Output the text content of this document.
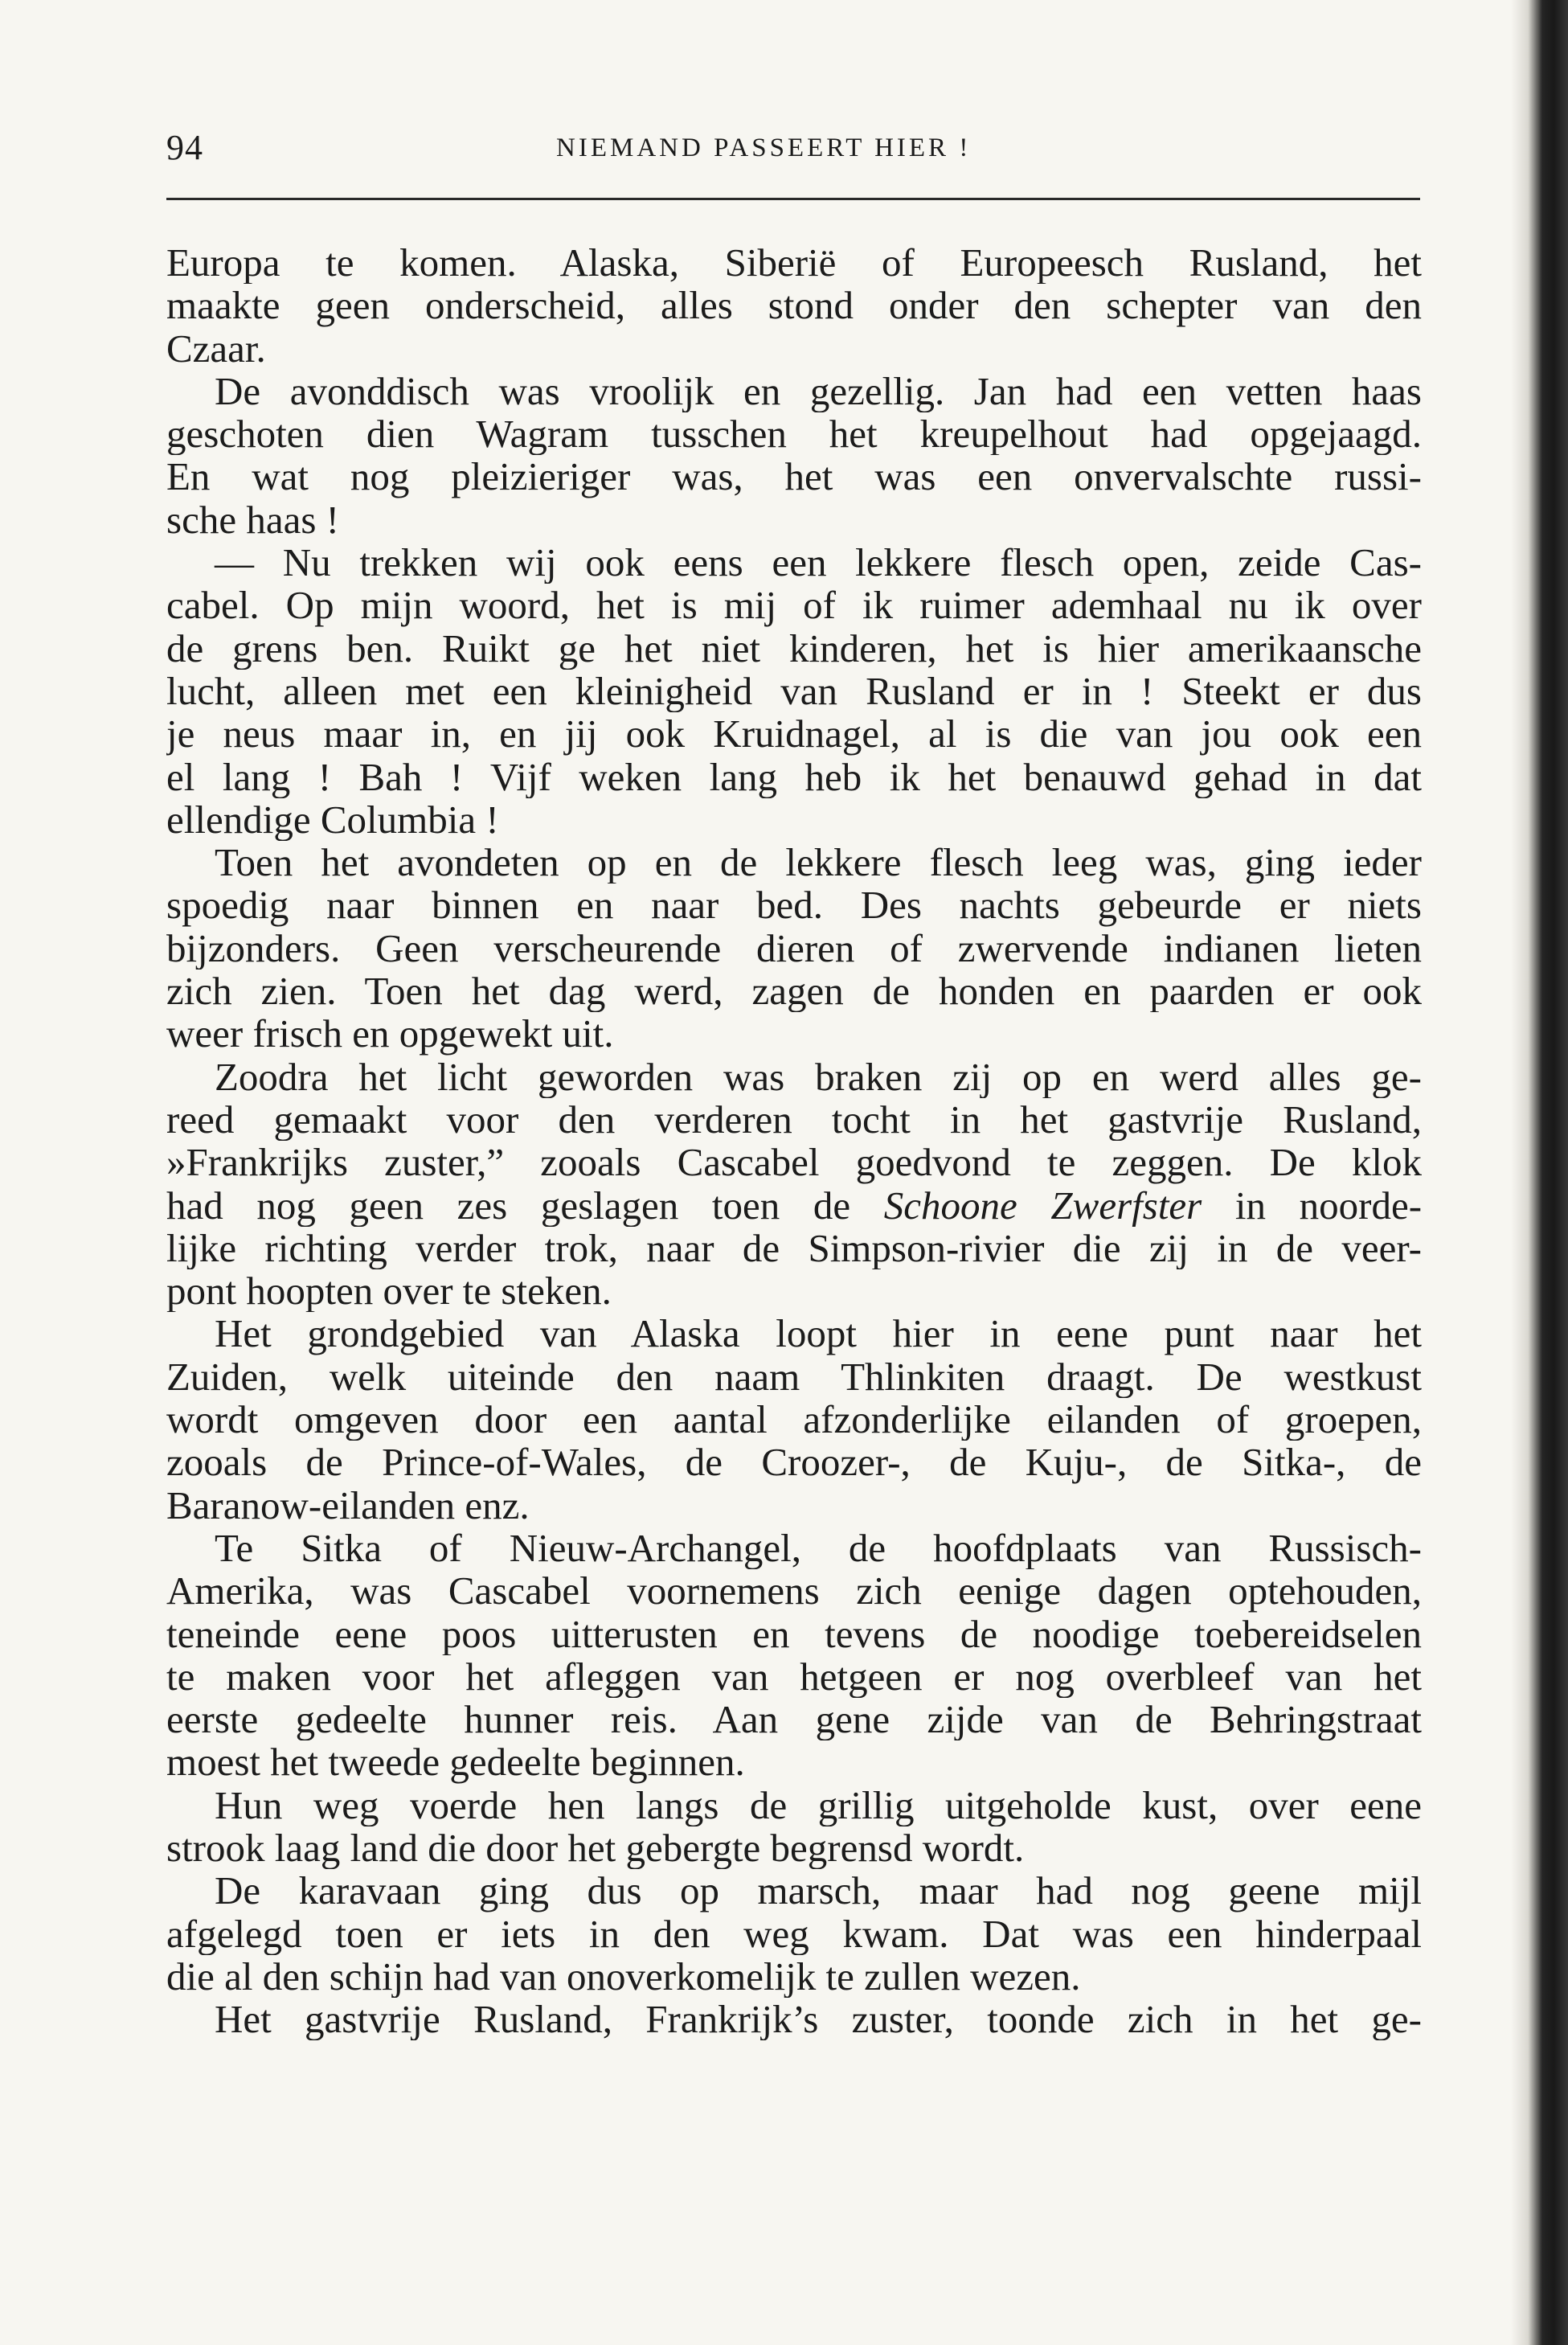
94	NIEMAND PASSEERT HIER !
Europa te komen. Alaska, Siberië of Europeesch Rusland, het
maakte geen onderscheid, alles stond onder den schepter van den
Czaar.
De avonddisch was vroolijk en gezellig. Jan had een vetten haas
geschoten dien Wagram tusschen het kreupelhout had opgejaagd.
En wat nog pleizieriger was, het was een onvervalschte russi-
sche haas !
— Nu trekken wij ook eens een lekkere flesch open, zeide Cas-
cabel. Op mijn woord, het is mij of ik ruimer ademhaal nu ik over
de grens ben. Ruikt ge het niet kinderen, het is hier amerikaansche
lucht, alleen met een kleinigheid van Rusland er in ! Steekt er dus
je neus maar in, en jij ook Kruidnagel, al is die van jou ook een
el lang ! Bah ! Vijf weken lang heb ik het benauwd gehad in dat
ellendige Columbia !
Toen het avondeten op en de lekkere flesch leeg was, ging ieder
spoedig naar binnen en naar bed. Des nachts gebeurde er niets
bijzonders. Geen verscheurende dieren of zwervende indianen lieten
zich zien. Toen het dag werd, zagen de honden en paarden er ook
weer frisch en opgewekt uit.
Zoodra het licht geworden was braken zij op en werd alles ge-
reed gemaakt voor den verderen tocht in het gastvrije Rusland,
»Frankrijks zuster,” zooals Cascabel goedvond te zeggen. De klok
had nog geen zes geslagen toen de Schoone Zwerfster in noorde-
lijke richting verder trok, naar de Simpson-rivier die zij in de veer-
pont hoopten over te steken.
Het grondgebied van Alaska loopt hier in eene punt naar het
Zuiden, welk uiteinde den naam Thlinkiten draagt. De westkust
wordt omgeven door een aantal afzonderlijke eilanden of groepen,
zooals de Prince-of-Wales, de Croozer-, de Kuju-, de Sitka-, de
Baranow-eilanden enz.
Te Sitka of Nieuw-Archangel, de hoofdplaats van Russisch-
Amerika, was Cascabel voornemens zich eenige dagen optehouden,
teneinde eene poos uitterusten en tevens de noodige toebereidselen
te maken voor het afleggen van hetgeen er nog overbleef van het
eerste gedeelte hunner reis. Aan gene zijde van de Behringstraat
moest het tweede gedeelte beginnen.
Hun weg voerde hen langs de grillig uitgeholde kust, over eene
strook laag land die door het gebergte begrensd wordt.
De karavaan ging dus op marsch, maar had nog geene mijl
afgelegd toen er iets in den weg kwam. Dat was een hinderpaal
die al den schijn had van onoverkomelijk te zullen wezen.
Het gastvrije Rusland, Frankrijk’s zuster, toonde zich in het ge-
